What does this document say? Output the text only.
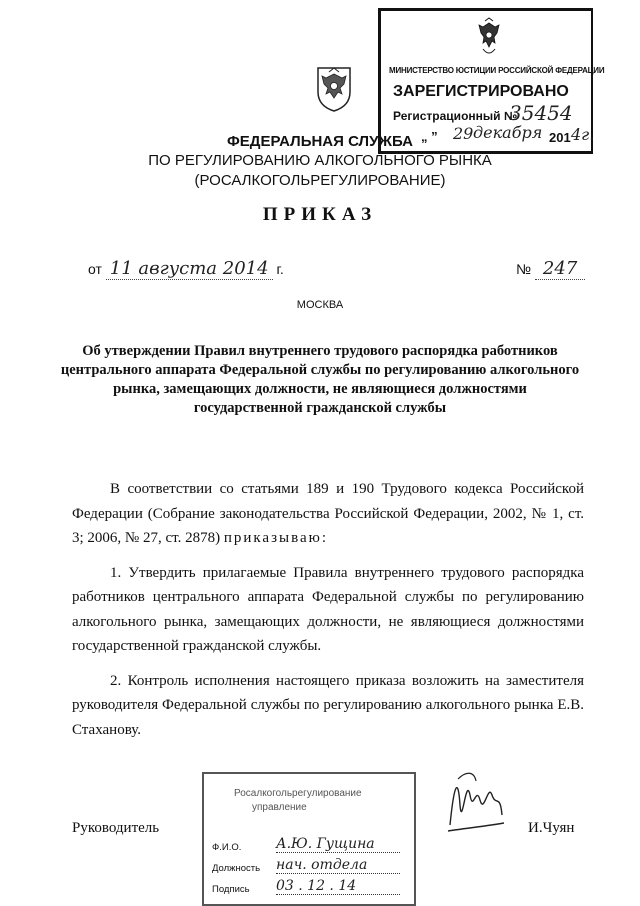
МИНИСТЕРСТВО ЮСТИЦИИ РОССИЙСКОЙ ФЕДЕРАЦИИ
ЗАРЕГИСТРИРОВАНО
Регистрационный №
35454
„ ” 29 декабря 201 4г.
ФЕДЕРАЛЬНАЯ СЛУЖБА
ПО РЕГУЛИРОВАНИЮ АЛКОГОЛЬНОГО РЫНКА
(РОСАЛКОГОЛЬРЕГУЛИРОВАНИЕ)
ПРИКАЗ
от 11 августа 2014 г.	№ 247
МОСКВА
Об утверждении Правил внутреннего трудового распорядка работников центрального аппарата Федеральной службы по регулированию алкогольного рынка, замещающих должности, не являющиеся должностями государственной гражданской службы

В соответствии со статьями 189 и 190 Трудового кодекса Российской Федерации (Собрание законодательства Российской Федерации, 2002, № 1, ст. 3; 2006, № 27, ст. 2878) приказываю:

1. Утвердить прилагаемые Правила внутреннего трудового распорядка работников центрального аппарата Федеральной службы по регулированию алкогольного рынка, замещающих должности, не являющиеся должностями государственной гражданской службы.

2. Контроль исполнения настоящего приказа возложить на заместителя руководителя Федеральной службы по регулированию алкогольного рынка Е.В. Стаханову.

Руководитель	И.Чуян
Росалкогольрегулирование
управление
Ф.И.О. А.Ю. Гущина
Должность нач. отдела
Подпись 03 . 12 . 14
